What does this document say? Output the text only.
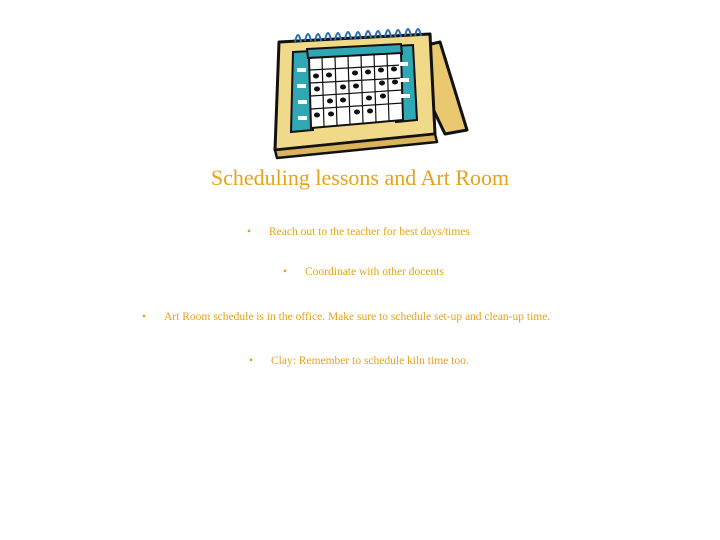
Scheduling lessons and Art Room
• Reach out to the teacher for best days/times
• Coordinate with other docents
• Art Room schedule is in the office. Make sure to schedule set-up and clean-up time.
• Clay: Remember to schedule kiln time too.
